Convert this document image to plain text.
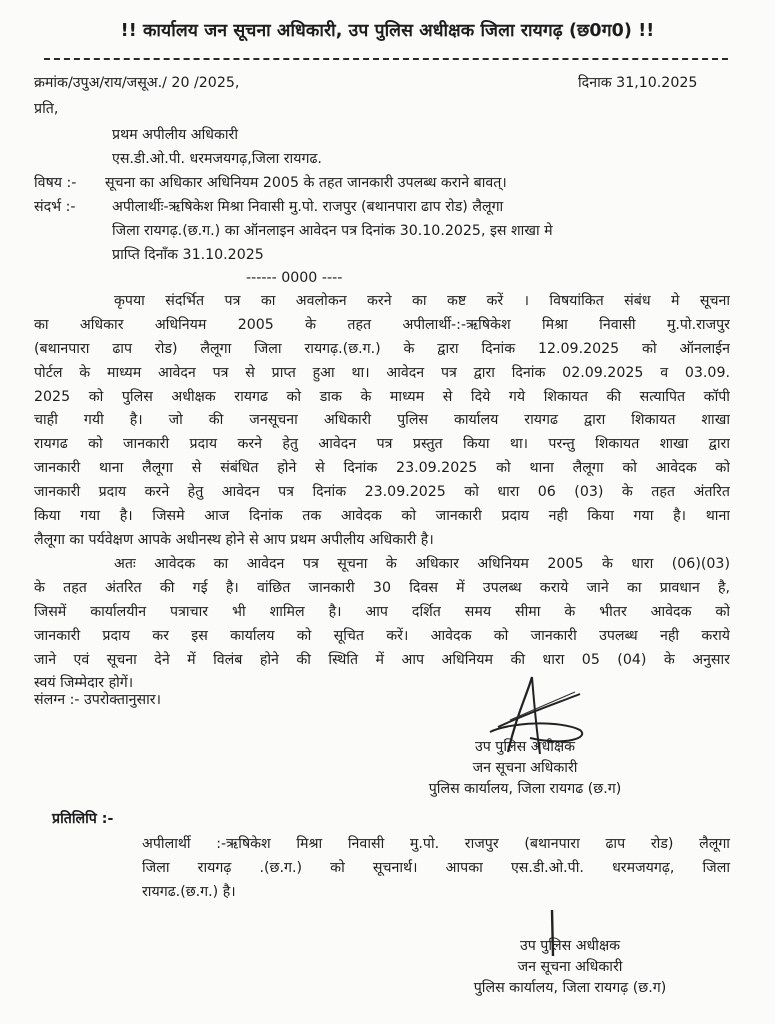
!! कार्यालय जन सूचना अधिकारी, उप पुलिस अधीक्षक जिला रायगढ़ (छ0ग0) !!
क्रमांक/उपुअ/राय/जसूअ./ 20 /2025,	दिनाक 31,10.2025
प्रति,
प्रथम अपीलीय अधिकारी
एस.डी.ओ.पी. धरमजयगढ़,जिला रायगढ.
विषय :- सूचना का अधिकार अधिनियम 2005 के तहत जानकारी उपलब्ध कराने बावत्।
संदर्भ :-	अपीलार्थीः-ऋषिकेश मिश्रा निवासी मु.पो. राजपुर (बथानपारा ढाप रोड) लैलूगा
जिला रायगढ़.(छ.ग.) का ऑनलाइन आवेदन पत्र दिनांक 30.10.2025, इस शाखा मे
प्राप्ति दिनाँक 31.10.2025
------ 0000 ----
कृपया संदर्भित पत्र का अवलोकन करने का कष्ट करें । विषयांकित संबंध मे सूचना
का अधिकार अधिनियम 2005 के तहत अपीलार्थी-:-ऋषिकेश मिश्रा निवासी मु.पो.राजपुर
(बथानपारा ढाप रोड) लैलूगा जिला रायगढ़.(छ.ग.) के द्वारा दिनांक 12.09.2025 को ऑनलाईन
पोर्टल के माध्यम आवेदन पत्र से प्राप्त हुआ था। आवेदन पत्र द्वारा दिनांक 02.09.2025 व 03.09.
2025 को पुलिस अधीक्षक रायगढ को डाक के माध्यम से दिये गये शिकायत की सत्यापित कॉपी
चाही गयी है। जो की जनसूचना अधिकारी पुलिस कार्यालय रायगढ द्वारा शिकायत शाखा
रायगढ को जानकारी प्रदाय करने हेतु आवेदन पत्र प्रस्तुत किया था। परन्तु शिकायत शाखा द्वारा
जानकारी थाना लैलूगा से संबंधित होने से दिनांक 23.09.2025 को थाना लैलूगा को आवेदक को
जानकारी प्रदाय करने हेतु आवेदन पत्र दिनांक 23.09.2025 को धारा 06 (03) के तहत अंतरित
किया गया है। जिसमे आज दिनांक तक आवेदक को जानकारी प्रदाय नही किया गया है। थाना
लैलूगा का पर्यवेक्षण आपके अधीनस्थ होने से आप प्रथम अपीलीय अधिकारी है।
अतः आवेदक का आवेदन पत्र सूचना के अधिकार अधिनियम 2005 के धारा (06)(03)
के तहत अंतरित की गई है। वांछित जानकारी 30 दिवस में उपलब्ध कराये जाने का प्रावधान है,
जिसमें कार्यालयीन पत्राचार भी शामिल है। आप दर्शित समय सीमा के भीतर आवेदक को
जानकारी प्रदाय कर इस कार्यालय को सूचित करें। आवेदक को जानकारी उपलब्ध नही कराये
जाने एवं सूचना देने में विलंब होने की स्थिति में आप अधिनियम की धारा 05 (04) के अनुसार
स्वयं जिम्मेदार होगें।
संलग्न :- उपरोक्तानुसार।
उप पुलिस अधीक्षक
जन सूचना अधिकारी
पुलिस कार्यालय, जिला रायगढ (छ.ग)
प्रतिलिपि :-
अपीलार्थी :-ऋषिकेश मिश्रा निवासी मु.पो. राजपुर (बथानपारा ढाप रोड) लैलूगा
जिला रायगढ़ .(छ.ग.) को सूचनार्थ। आपका एस.डी.ओ.पी. धरमजयगढ़, जिला
रायगढ.(छ.ग.) है।
उप पुलिस अधीक्षक
जन सूचना अधिकारी
पुलिस कार्यालय, जिला रायगढ़ (छ.ग)
